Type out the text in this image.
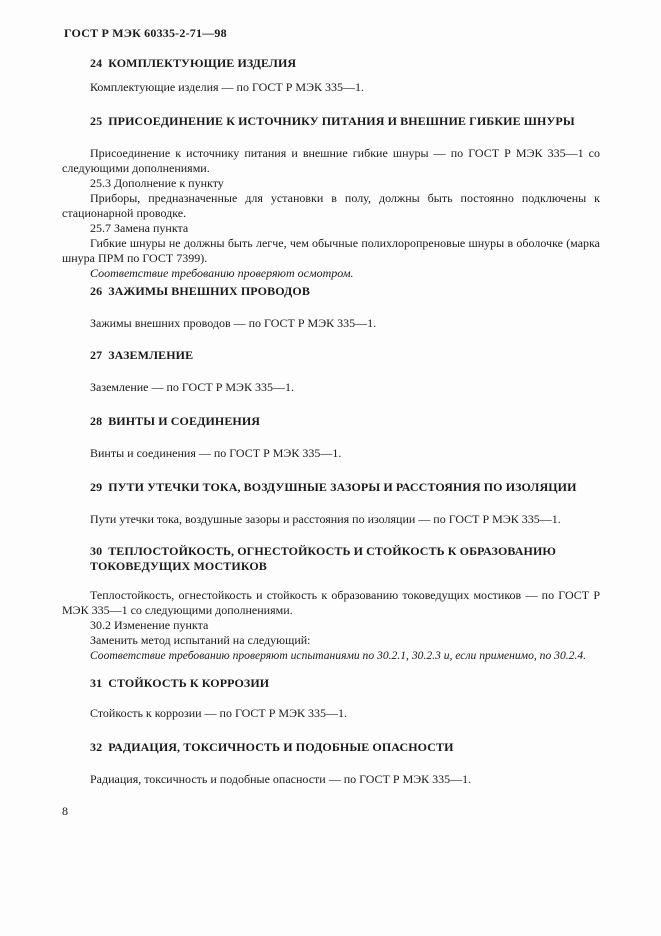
ГОСТ Р МЭК 60335-2-71—98
24 КОМПЛЕКТУЮЩИЕ ИЗДЕЛИЯ

Комплектующие изделия — по ГОСТ Р МЭК 335—1.

25 ПРИСОЕДИНЕНИЕ К ИСТОЧНИКУ ПИТАНИЯ И ВНЕШНИЕ ГИБКИЕ ШНУРЫ

Присоединение к источнику питания и внешние гибкие шнуры — по ГОСТ Р МЭК 335—1 со следующими дополнениями.

25.3 Дополнение к пункту

Приборы, предназначенные для установки в полу, должны быть постоянно подключены к стационарной проводке.

25.7 Замена пункта

Гибкие шнуры не должны быть легче, чем обычные полихлоропреновые шнуры в оболочке (марка шнура ПРМ по ГОСТ 7399).

Соответствие требованию проверяют осмотром.

26 ЗАЖИМЫ ВНЕШНИХ ПРОВОДОВ

Зажимы внешних проводов — по ГОСТ Р МЭК 335—1.

27 ЗАЗЕМЛЕНИЕ

Заземление — по ГОСТ Р МЭК 335—1.

28 ВИНТЫ И СОЕДИНЕНИЯ

Винты и соединения — по ГОСТ Р МЭК 335—1.

29 ПУТИ УТЕЧКИ ТОКА, ВОЗДУШНЫЕ ЗАЗОРЫ И РАССТОЯНИЯ ПО ИЗОЛЯЦИИ

Пути утечки тока, воздушные зазоры и расстояния по изоляции — по ГОСТ Р МЭК 335—1.

30 ТЕПЛОСТОЙКОСТЬ, ОГНЕСТОЙКОСТЬ И СТОЙКОСТЬ К ОБРАЗОВАНИЮ
ТОКОВЕДУЩИХ МОСТИКОВ

Теплостойкость, огнестойкость и стойкость к образованию токоведущих мостиков — по ГОСТ Р МЭК 335—1 со следующими дополнениями.

30.2 Изменение пункта

Заменить метод испытаний на следующий:

Соответствие требованию проверяют испытаниями по 30.2.1, 30.2.3 и, если применимо, по 30.2.4.

31 СТОЙКОСТЬ К КОРРОЗИИ

Стойкость к коррозии — по ГОСТ Р МЭК 335—1.

32 РАДИАЦИЯ, ТОКСИЧНОСТЬ И ПОДОБНЫЕ ОПАСНОСТИ

Радиация, токсичность и подобные опасности — по ГОСТ Р МЭК 335—1.

8
